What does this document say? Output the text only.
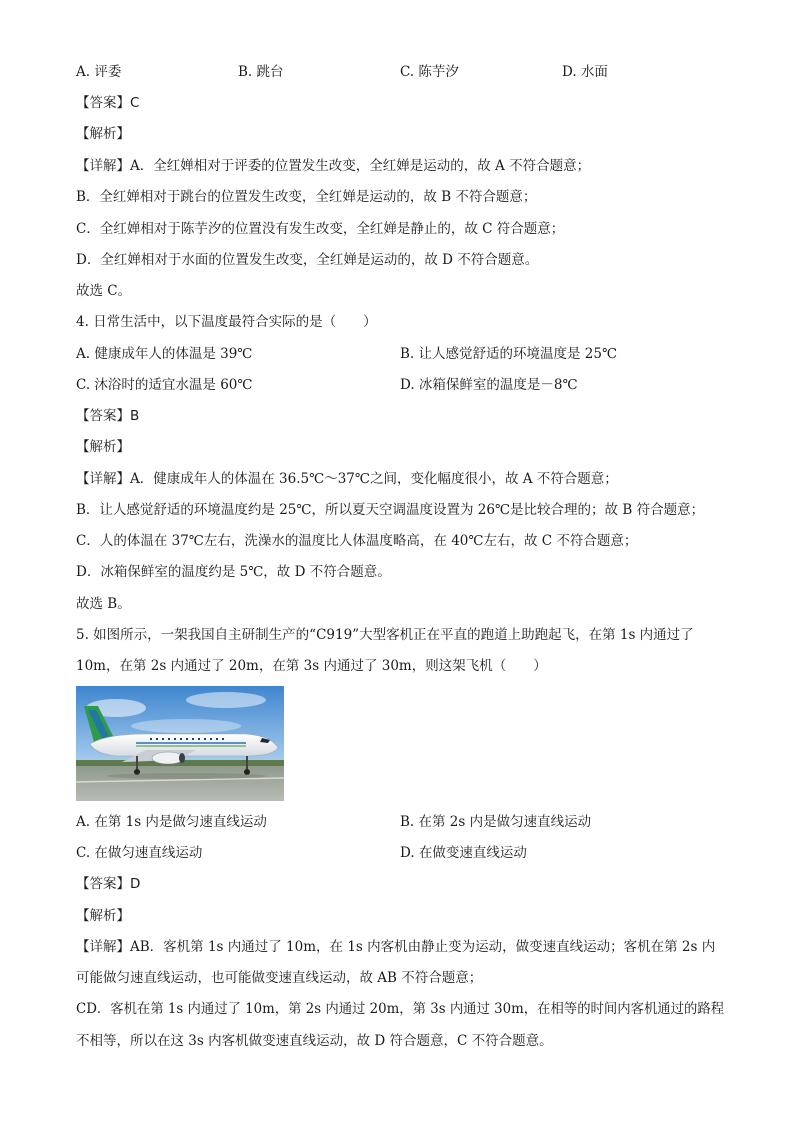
A. 评委	B. 跳台	C. 陈芋汐	D. 水面
【答案】C
【解析】
【详解】A．全红婵相对于评委的位置发生改变，全红婵是运动的，故 A 不符合题意；
B．全红婵相对于跳台的位置发生改变，全红婵是运动的，故 B 不符合题意；
C．全红婵相对于陈芋汐的位置没有发生改变，全红婵是静止的，故 C 符合题意；
D．全红婵相对于水面的位置发生改变，全红婵是运动的，故 D 不符合题意。
故选 C。
4. 日常生活中，以下温度最符合实际的是（　　）
A. 健康成年人的体温是 39℃	B. 让人感觉舒适的环境温度是 25℃
C. 沐浴时的适宜水温是 60℃	D. 冰箱保鲜室的温度是－8℃
【答案】B
【解析】
【详解】A．健康成年人的体温在 36.5℃～37℃之间，变化幅度很小，故 A 不符合题意；
B．让人感觉舒适的环境温度约是 25℃，所以夏天空调温度设置为 26℃是比较合理的；故 B 符合题意；
C．人的体温在 37℃左右，洗澡水的温度比人体温度略高，在 40℃左右，故 C 不符合题意；
D．冰箱保鲜室的温度约是 5℃，故 D 不符合题意。
故选 B。
5. 如图所示，一架我国自主研制生产的“C919”大型客机正在平直的跑道上助跑起飞，在第 1s 内通过了
10m，在第 2s 内通过了 20m，在第 3s 内通过了 30m，则这架飞机（　　）
A. 在第 1s 内是做匀速直线运动	B. 在第 2s 内是做匀速直线运动
C. 在做匀速直线运动	D. 在做变速直线运动
【答案】D
【解析】
【详解】AB．客机第 1s 内通过了 10m，在 1s 内客机由静止变为运动，做变速直线运动；客机在第 2s 内
可能做匀速直线运动，也可能做变速直线运动，故 AB 不符合题意；
CD．客机在第 1s 内通过了 10m，第 2s 内通过 20m，第 3s 内通过 30m，在相等的时间内客机通过的路程
不相等，所以在这 3s 内客机做变速直线运动，故 D 符合题意，C 不符合题意。
